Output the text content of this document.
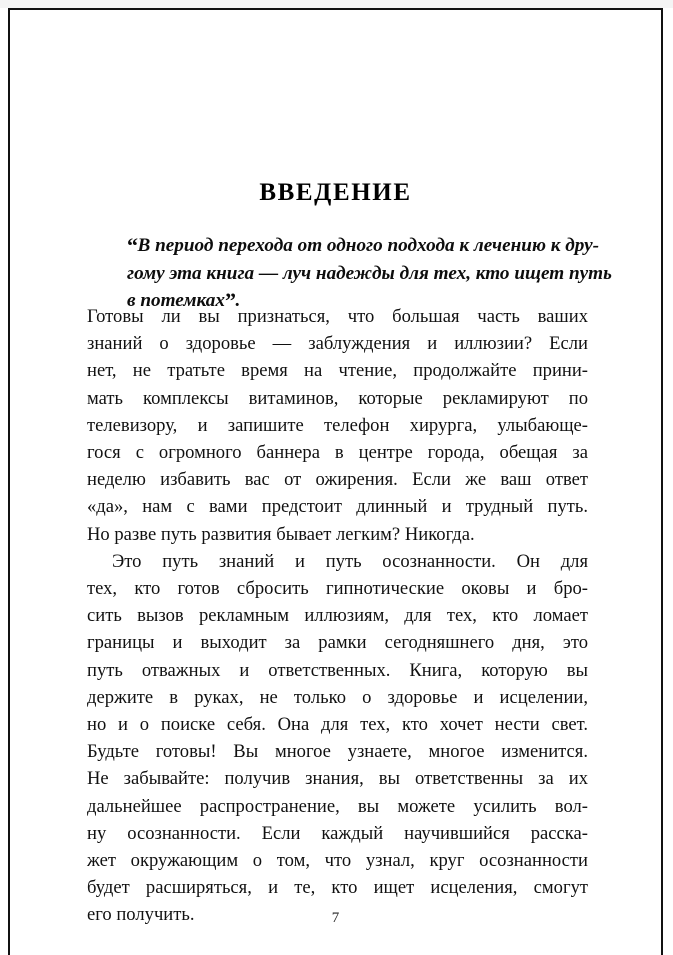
ВВЕДЕНИЕ
“В период перехода от одного подхода к лечению к дру-
гому эта книга — луч надежды для тех, кто ищет путь
в потемках”.

Готовы ли вы признаться, что большая часть ваших
знаний о здоровье — заблуждения и иллюзии? Если
нет, не тратьте время на чтение, продолжайте прини-
мать комплексы витаминов, которые рекламируют по
телевизору, и запишите телефон хирурга, улыбающе-
гося с огромного баннера в центре города, обещая за
неделю избавить вас от ожирения. Если же ваш ответ
«да», нам с вами предстоит длинный и трудный путь.
Но разве путь развития бывает легким? Никогда.

Это путь знаний и путь осознанности. Он для
тех, кто готов сбросить гипнотические оковы и бро-
сить вызов рекламным иллюзиям, для тех, кто ломает
границы и выходит за рамки сегодняшнего дня, это
путь отважных и ответственных. Книга, которую вы
держите в руках, не только о здоровье и исцелении,
но и о поиске себя. Она для тех, кто хочет нести свет.
Будьте готовы! Вы многое узнаете, многое изменится.
Не забывайте: получив знания, вы ответственны за их
дальнейшее распространение, вы можете усилить вол-
ну осознанности. Если каждый научившийся расска-
жет окружающим о том, что узнал, круг осознанности
будет расширяться, и те, кто ищет исцеления, смогут
его получить.	7
